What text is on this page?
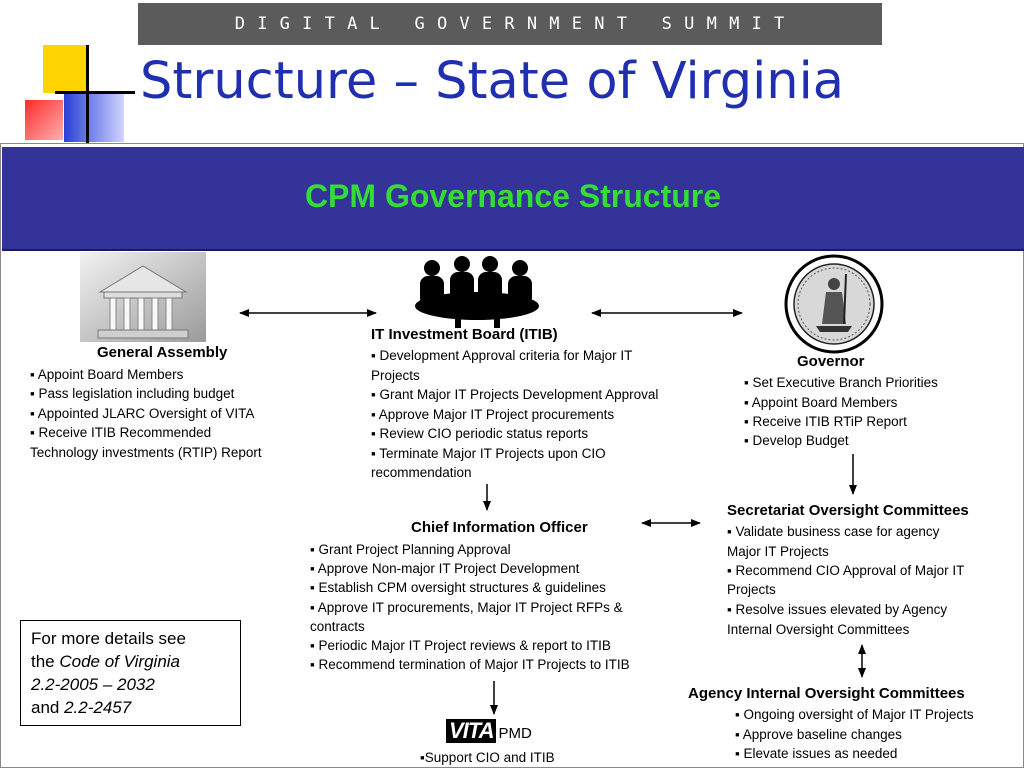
D I G I T A L   G O V E R N M E N T   S U M M I T
Structure – State of Virginia
CPM Governance Structure
General Assembly
▪ Appoint Board Members
▪ Pass legislation including budget
▪ Appointed JLARC Oversight of VITA
▪ Receive ITIB Recommended
Technology investments (RTIP) Report
IT Investment Board (ITIB)
▪ Development Approval criteria for Major IT
Projects
▪ Grant Major IT Projects Development Approval
▪ Approve Major IT Project procurements
▪ Review CIO periodic status reports
▪ Terminate Major IT Projects upon CIO
recommendation
Governor
▪ Set Executive Branch Priorities
▪ Appoint Board Members
▪ Receive ITIB RTiP Report
▪ Develop Budget
Chief Information Officer
▪ Grant Project Planning Approval
▪ Approve Non-major IT Project Development
▪ Establish CPM oversight structures & guidelines
▪ Approve IT procurements, Major IT Project RFPs &
contracts
▪ Periodic Major IT Project reviews & report to ITIB
▪ Recommend termination of Major IT Projects to ITIB
Secretariat Oversight Committees
▪ Validate business case for agency
Major IT Projects
▪ Recommend CIO Approval of Major IT
Projects
▪ Resolve issues elevated by Agency
Internal Oversight Committees
Agency Internal Oversight Committees
▪ Ongoing oversight of Major IT Projects
▪ Approve baseline changes
▪ Elevate issues as needed
VITA PMD
▪Support CIO and ITIB
For more details see
the Code of Virginia
2.2-2005 – 2032
and 2.2-2457
